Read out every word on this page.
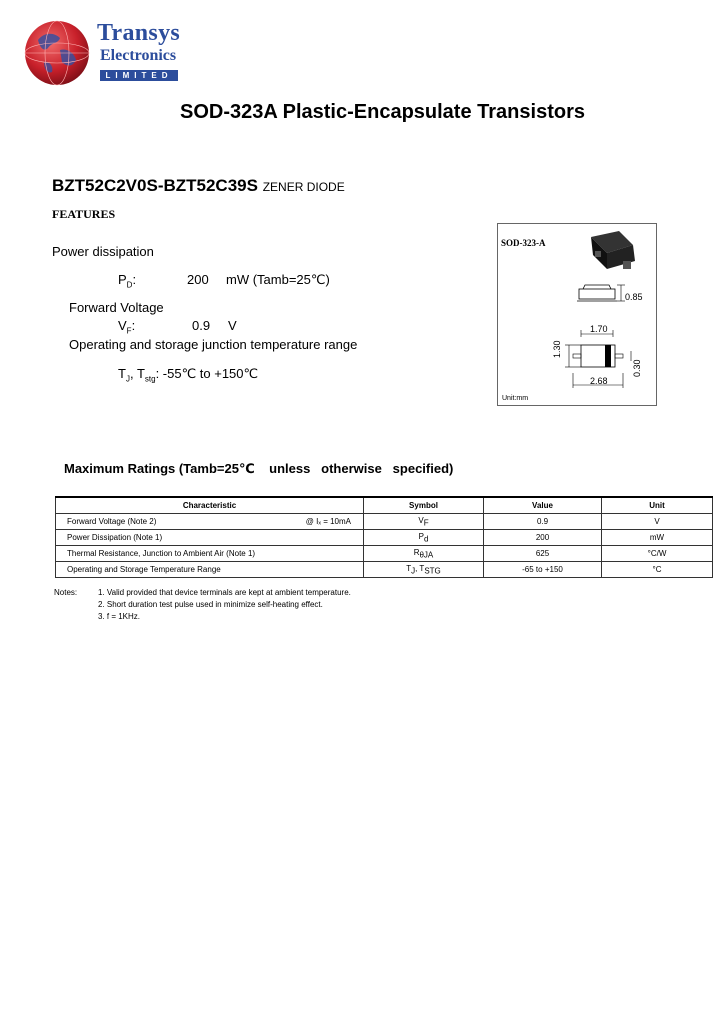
Transys
Electronics
LIMITED
SOD-323A Plastic-Encapsulate Transistors
BZT52C2V0S-BZT52C39S ZENER DIODE
FEATURES
Power dissipation
$P_D$:	200 mW (Tamb=25℃)
Forward Voltage
$V_F$:	0.9 V
Operating and storage junction temperature range
$T_J$, $T_{stg}$: -55℃ to +150℃
SOD-323-A
0.85
1.70
1.30
2.68
0.30
Unit:mm
Maximum Ratings (Tamb=25℃    unless   otherwise   specified)
Characteristic	Symbol	Value	Unit
Forward Voltage (Note 2) @ Iₓ = 10mA	$V_F$	0.9	V
Power Dissipation (Note 1)	$P_d$	200	mW
Thermal Resistance, Junction to Ambient Air (Note 1)	$R_{\theta JA}$	625	°C/W
Operating and Storage Temperature Range	$T_J$, $T_{STG}$	-65 to +150	°C
Notes:	1. Valid provided that device terminals are kept at ambient temperature.
2. Short duration test pulse used in minimize self-heating effect.
3. f = 1KHz.
